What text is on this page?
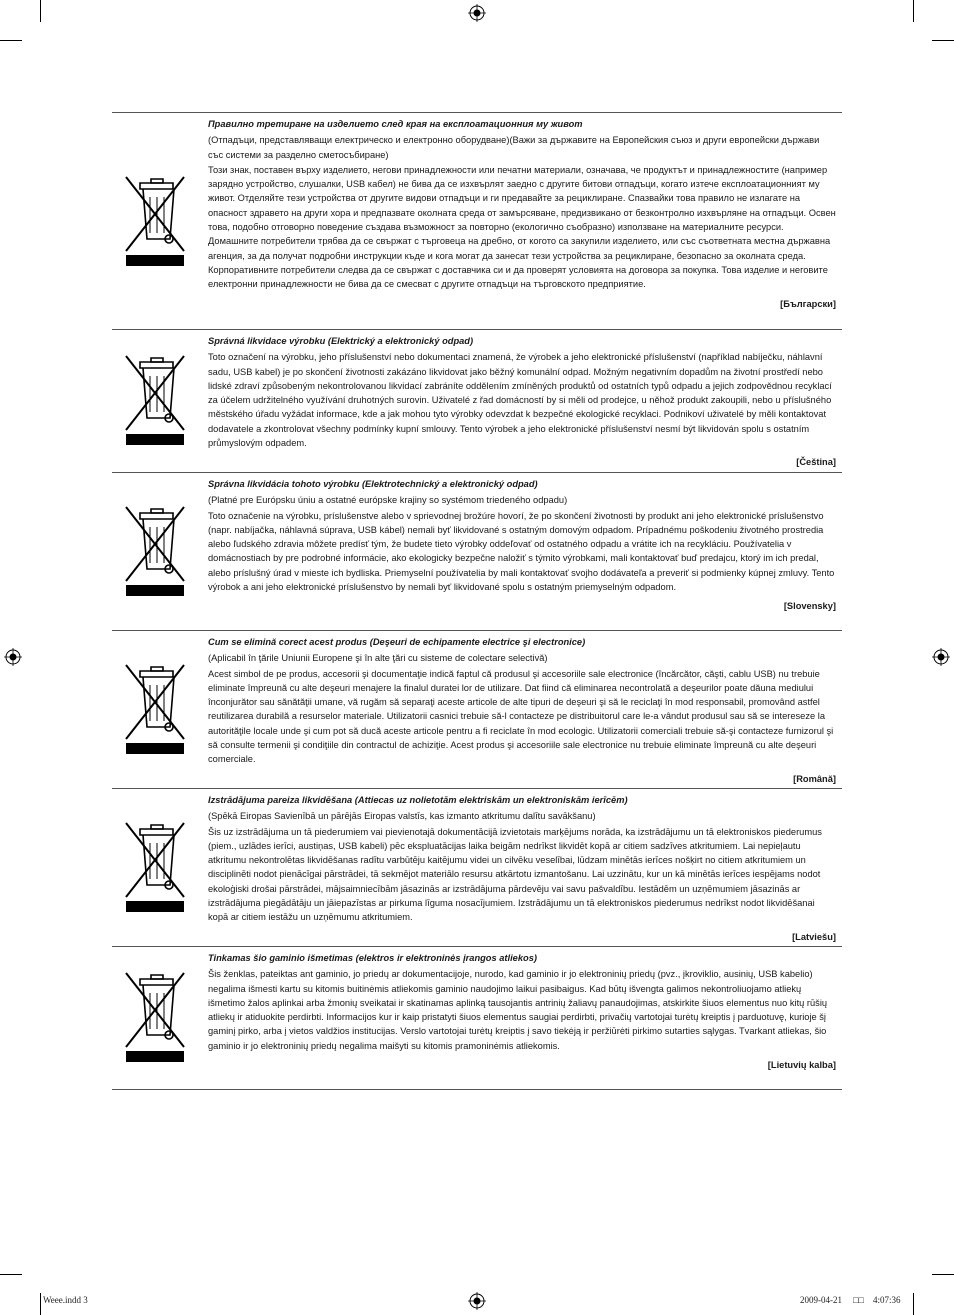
Правилно третиране на изделието след края на експлоатационния му живот

(Отпадъци, представляващи електрическо и електронно оборудване)(Важи за държавите на Европейския съюз и други европейски държави със системи за разделно сметосъбиране)

Този знак, поставен върху изделието, негови принадлежности или печатни материали, означава, че продуктът и принадлежностите (например зарядно устройство, слушалки, USB кабел) не бива да се изхвърлят заедно с другите битови отпадъци, когато изтече експлоатационният му живот. Отделяйте тези устройства от другите видови отпадъци и ги предавайте за рециклиране. Спазвайки това правило не излагате на опасност здравето на други хора и предпазвате околната среда от замърсяване, предизвикано от безконтролно изхвърляне на отпадъци. Освен това, подобно отговорно поведение създава възможност за повторно (екологично съобразно) използване на материалните ресурси. Домашните потребители трябва да се свържат с търговеца на дребно, от когото са закупили изделието, или със съответната местна държавна агенция, за да получат подробни инструкции къде и кога могат да занесат тези устройства за рециклиране, безопасно за околната среда. Корпоративните потребители следва да се свържат с доставчика си и да проверят условията на договора за покупка. Това изделие и неговите електронни принадлежности не бива да се смесват с другите отпадъци на търговското предприятие.

[Български]

Správná likvidace výrobku (Elektrický a elektronický odpad)

Toto označení na výrobku, jeho příslušenství nebo dokumentaci znamená, že výrobek a jeho elektronické příslušenství (například nabíječku, náhlavní sadu, USB kabel) je po skončení životnosti zakázáno likvidovat jako běžný komunální odpad. Možným negativním dopadům na životní prostředí nebo lidské zdraví způsobeným nekontrolovanou likvidací zabráníte oddělením zmíněných produktů od ostatních typů odpadu a jejich zodpovědnou recyklací za účelem udržitelného využívání druhotných surovin. Uživatelé z řad domácností by si měli od prodejce, u něhož produkt zakoupili, nebo u příslušného městského úřadu vyžádat informace, kde a jak mohou tyto výrobky odevzdat k bezpečné ekologické recyklaci. Podnikoví uživatelé by měli kontaktovat dodavatele a zkontrolovat všechny podmínky kupní smlouvy. Tento výrobek a jeho elektronické příslušenství nesmí být likvidován spolu s ostatním průmyslovým odpadem.

[Čeština]

Správna likvidácia tohoto výrobku (Elektrotechnický a elektronický odpad)

(Platné pre Európsku úniu a ostatné európske krajiny so systémom triedeného odpadu)

Toto označenie na výrobku, príslušenstve alebo v sprievodnej brožúre hovorí, že po skončení životnosti by produkt ani jeho elektronické príslušenstvo (napr. nabíjačka, náhlavná súprava, USB kábel) nemali byť likvidované s ostatným domovým odpadom. Prípadnému poškodeniu životného prostredia alebo ľudského zdravia môžete predísť tým, že budete tieto výrobky oddeľovať od ostatného odpadu a vrátite ich na recykláciu. Používatelia v domácnostiach by pre podrobné informácie, ako ekologicky bezpečne naložiť s týmito výrobkami, mali kontaktovať buď predajcu, ktorý im ich predal, alebo príslušný úrad v mieste ich bydliska. Priemyselní používatelia by mali kontaktovať svojho dodávateľa a preveriť si podmienky kúpnej zmluvy. Tento výrobok a ani jeho elektronické príslušenstvo by nemali byť likvidované spolu s ostatným priemyselným odpadom.

[Slovensky]

Cum se elimină corect acest produs (Deşeuri de echipamente electrice şi electronice)

(Aplicabil în ţările Uniunii Europene şi în alte ţări cu sisteme de colectare selectivă)

Acest simbol de pe produs, accesorii şi documentaţie indică faptul că produsul şi accesoriile sale electronice (încărcător, căşti, cablu USB) nu trebuie eliminate împreună cu alte deşeuri menajere la finalul duratei lor de utilizare. Dat fiind că eliminarea necontrolată a deşeurilor poate dăuna mediului înconjurător sau sănătăţii umane, vă rugăm să separaţi aceste articole de alte tipuri de deşeuri şi să le reciclaţi în mod responsabil, promovând astfel reutilizarea durabilă a resurselor materiale. Utilizatorii casnici trebuie să-l contacteze pe distribuitorul care le-a vândut produsul sau să se intereseze la autorităţile locale unde şi cum pot să ducă aceste articole pentru a fi reciclate în mod ecologic. Utilizatorii comerciali trebuie să-şi contacteze furnizorul şi să consulte termenii şi condiţiile din contractul de achiziţie. Acest produs şi accesoriile sale electronice nu trebuie eliminate împreună cu alte deşeuri comerciale.

[Română]

Izstrādājuma pareiza likvidēšana (Attiecas uz nolietotām elektriskām un elektroniskām ierīcēm)

(Spēkā Eiropas Savienībā un pārējās Eiropas valstīs, kas izmanto atkritumu dalītu savākšanu)

Šis uz izstrādājuma un tā piederumiem vai pievienotajā dokumentācijā izvietotais marķējums norāda, ka izstrādājumu un tā elektroniskos piederumus (piem., uzlādes ierīci, austiņas, USB kabeli) pēc ekspluatācijas laika beigām nedrīkst likvidēt kopā ar citiem sadzīves atkritumiem. Lai nepieļautu atkritumu nekontrolētas likvidēšanas radītu varbūtēju kaitējumu videi un cilvēku veselībai, lūdzam minētās ierīces nošķirt no citiem atkritumiem un disciplinēti nodot pienācīgai pārstrādei, tā sekmējot materiālo resursu atkārtotu izmantošanu. Lai uzzinātu, kur un kā minētās ierīces iespējams nodot ekoloģiski drošai pārstrādei, mājsaimniecībām jāsazinās ar izstrādājuma pārdevēju vai savu pašvaldību. Iestādēm un uzņēmumiem jāsazinās ar izstrādājuma piegādātāju un jāiepazīstas ar pirkuma līguma nosacījumiem. Izstrādājumu un tā elektroniskos piederumus nedrīkst nodot likvidēšanai kopā ar citiem iestāžu un uzņēmumu atkritumiem.

[Latviešu]

Tinkamas šio gaminio išmetimas (elektros ir elektroninės įrangos atliekos)

Šis ženklas, pateiktas ant gaminio, jo priedų ar dokumentacijoje, nurodo, kad gaminio ir jo elektroninių priedų (pvz., įkroviklio, ausinių, USB kabelio) negalima išmesti kartu su kitomis buitinėmis atliekomis gaminio naudojimo laikui pasibaigus. Kad būtų išvengta galimos nekontroliuojamo atliekų išmetimo žalos aplinkai arba žmonių sveikatai ir skatinamas aplinką tausojantis antrinių žaliavų panaudojimas, atskirkite šiuos elementus nuo kitų rūšių atliekų ir atiduokite perdirbti. Informacijos kur ir kaip pristatyti šiuos elementus saugiai perdirbti, privačių vartotojai turėtų kreiptis į parduotuvę, kurioje šį gaminį pirko, arba į vietos valdžios institucijas. Verslo vartotojai turėtų kreiptis į savo tiekėją ir peržiūrėti pirkimo sutarties sąlygas. Tvarkant atliekas, šio gaminio ir jo elektroninių priedų negalima maišyti su kitomis pramoninėmis atliekomis.

[Lietuvių kalba]

Weee.indd 3	2009-04-21 □□ 4:07:36
